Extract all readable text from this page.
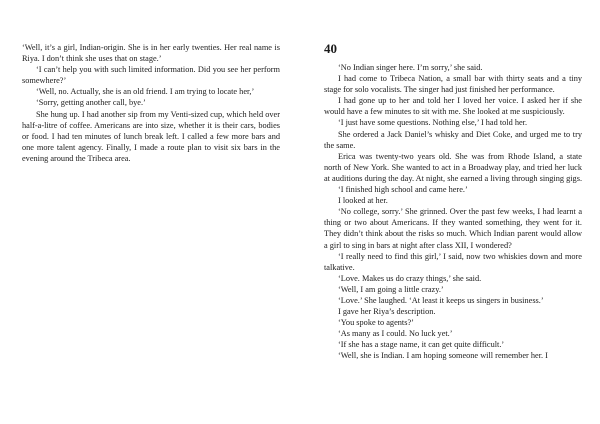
‘Well, it’s a girl, Indian-origin. She is in her early twenties. Her real name is Riya. I don’t think she uses that on stage.’

‘I can’t help you with such limited information. Did you see her perform somewhere?’

‘Well, no. Actually, she is an old friend. I am trying to locate her,’

‘Sorry, getting another call, bye.’

She hung up. I had another sip from my Venti-sized cup, which held over half-a-litre of coffee. Americans are into size, whether it is their cars, bodies or food. I had ten minutes of lunch break left. I called a few more bars and one more talent agency. Finally, I made a route plan to visit six bars in the evening around the Tribeca area.

40

‘No Indian singer here. I’m sorry,’ she said.

I had come to Tribeca Nation, a small bar with thirty seats and a tiny stage for solo vocalists. The singer had just finished her performance.

I had gone up to her and told her I loved her voice. I asked her if she would have a few minutes to sit with me. She looked at me suspiciously.

‘I just have some questions. Nothing else,’ I had told her.

She ordered a Jack Daniel’s whisky and Diet Coke, and urged me to try the same.

Erica was twenty-two years old. She was from Rhode Island, a state north of New York. She wanted to act in a Broadway play, and tried her luck at auditions during the day. At night, she earned a living through singing gigs.

‘I finished high school and came here.’

I looked at her.

‘No college, sorry.’ She grinned. Over the past few weeks, I had learnt a thing or two about Americans. If they wanted something, they went for it. They didn’t think about the risks so much. Which Indian parent would allow a girl to sing in bars at night after class XII, I wondered?

‘I really need to find this girl,’ I said, now two whiskies down and more talkative.

‘Love. Makes us do crazy things,’ she said.

‘Well, I am going a little crazy.’

‘Love.’ She laughed. ‘At least it keeps us singers in business.’

I gave her Riya’s description.

‘You spoke to agents?’

‘As many as I could. No luck yet.’

‘If she has a stage name, it can get quite difficult.’

‘Well, she is Indian. I am hoping someone will remember her. I
